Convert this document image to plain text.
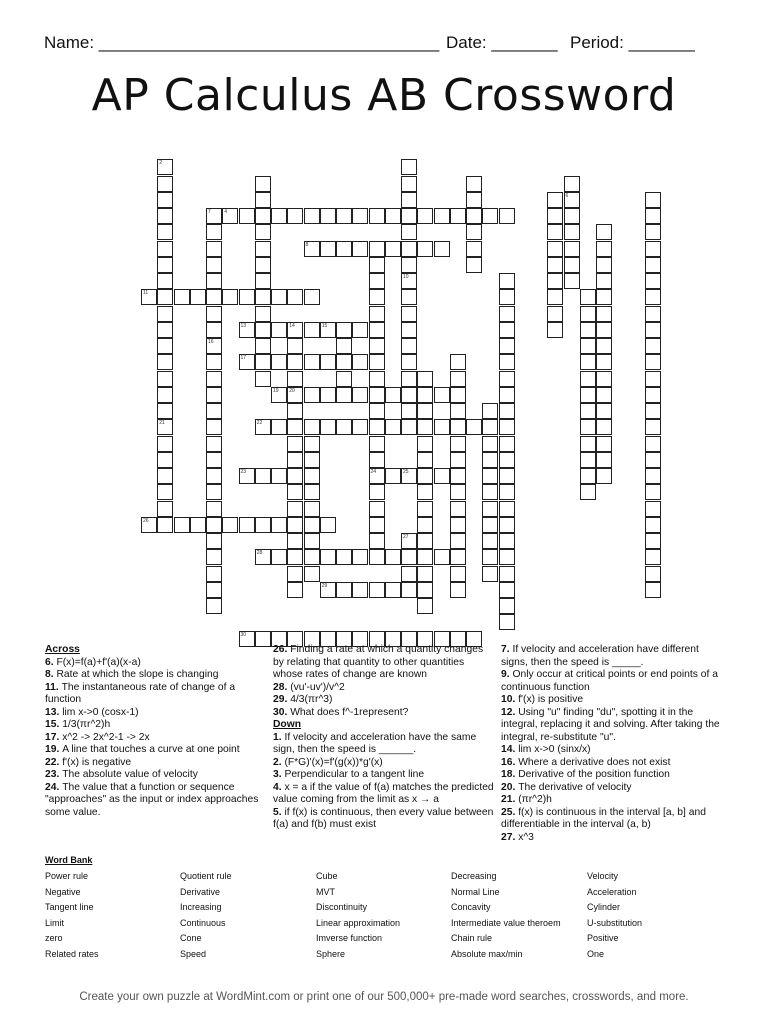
Name: ____________________________________ Date: _______ Period: _______
AP Calculus AB Crossword
2
21
7
16
14
20
24
10
6
27
4
8
11
13	15
17
19
22
23	25
26
28
29
30
Across
6. F(x)=f(a)+f'(a)(x-a)
8. Rate at which the slope is changing
11. The instantaneous rate of change of a function
13. lim x->0 (cosx-1)
15. 1/3(πr^2)h
17. x^2 -> 2x^2-1 -> 2x
19. A line that touches a curve at one point
22. f'(x) is negative
23. The absolute value of velocity
24. The value that a function or sequence "approaches" as the input or index approaches some value.
26. Finding a rate at which a quantity changes by relating that quantity to other quantities whose rates of change are known
28. (vu'-uv')/v^2
29. 4/3(πr^3)
30. What does f^-1represent?
Down
1. If velocity and acceleration have the same sign, then the speed is ______.
2. (F*G)'(x)=f'(g(x))*g'(x)
3. Perpendicular to a tangent line
4. x = a if the value of f(a) matches the predicted value coming from the limit as x → a
5. if f(x) is continuous, then every value between f(a) and f(b) must exist
7. If velocity and acceleration have different signs, then the speed is _____.
9. Only occur at critical points or end points of a continuous function
10. f'(x) is positive
12. Using "u" finding "du", spotting it in the integral, replacing it and solving. After taking the integral, re-substitute "u".
14. lim x->0 (sinx/x)
16. Where a derivative does not exist
18. Derivative of the position function
20. The derivative of velocity
21. (πr^2)h
25. f(x) is continuous in the interval [a, b] and differentiable in the interval (a, b)
27. x^3
Word Bank
Power rule
Negative
Tangent line
Limit
zero
Related rates
Quotient rule
Derivative
Increasing
Continuous
Cone
Speed
Cube
MVT
Discontinuity
Linear approximation
Imverse function
Sphere
Decreasing
Normal Line
Concavity
Intermediate value theroem
Chain rule
Absolute max/min
Velocity
Acceleration
Cylinder
U-substitution
Positive
One
Create your own puzzle at WordMint.com or print one of our 500,000+ pre-made word searches, crosswords, and more.
